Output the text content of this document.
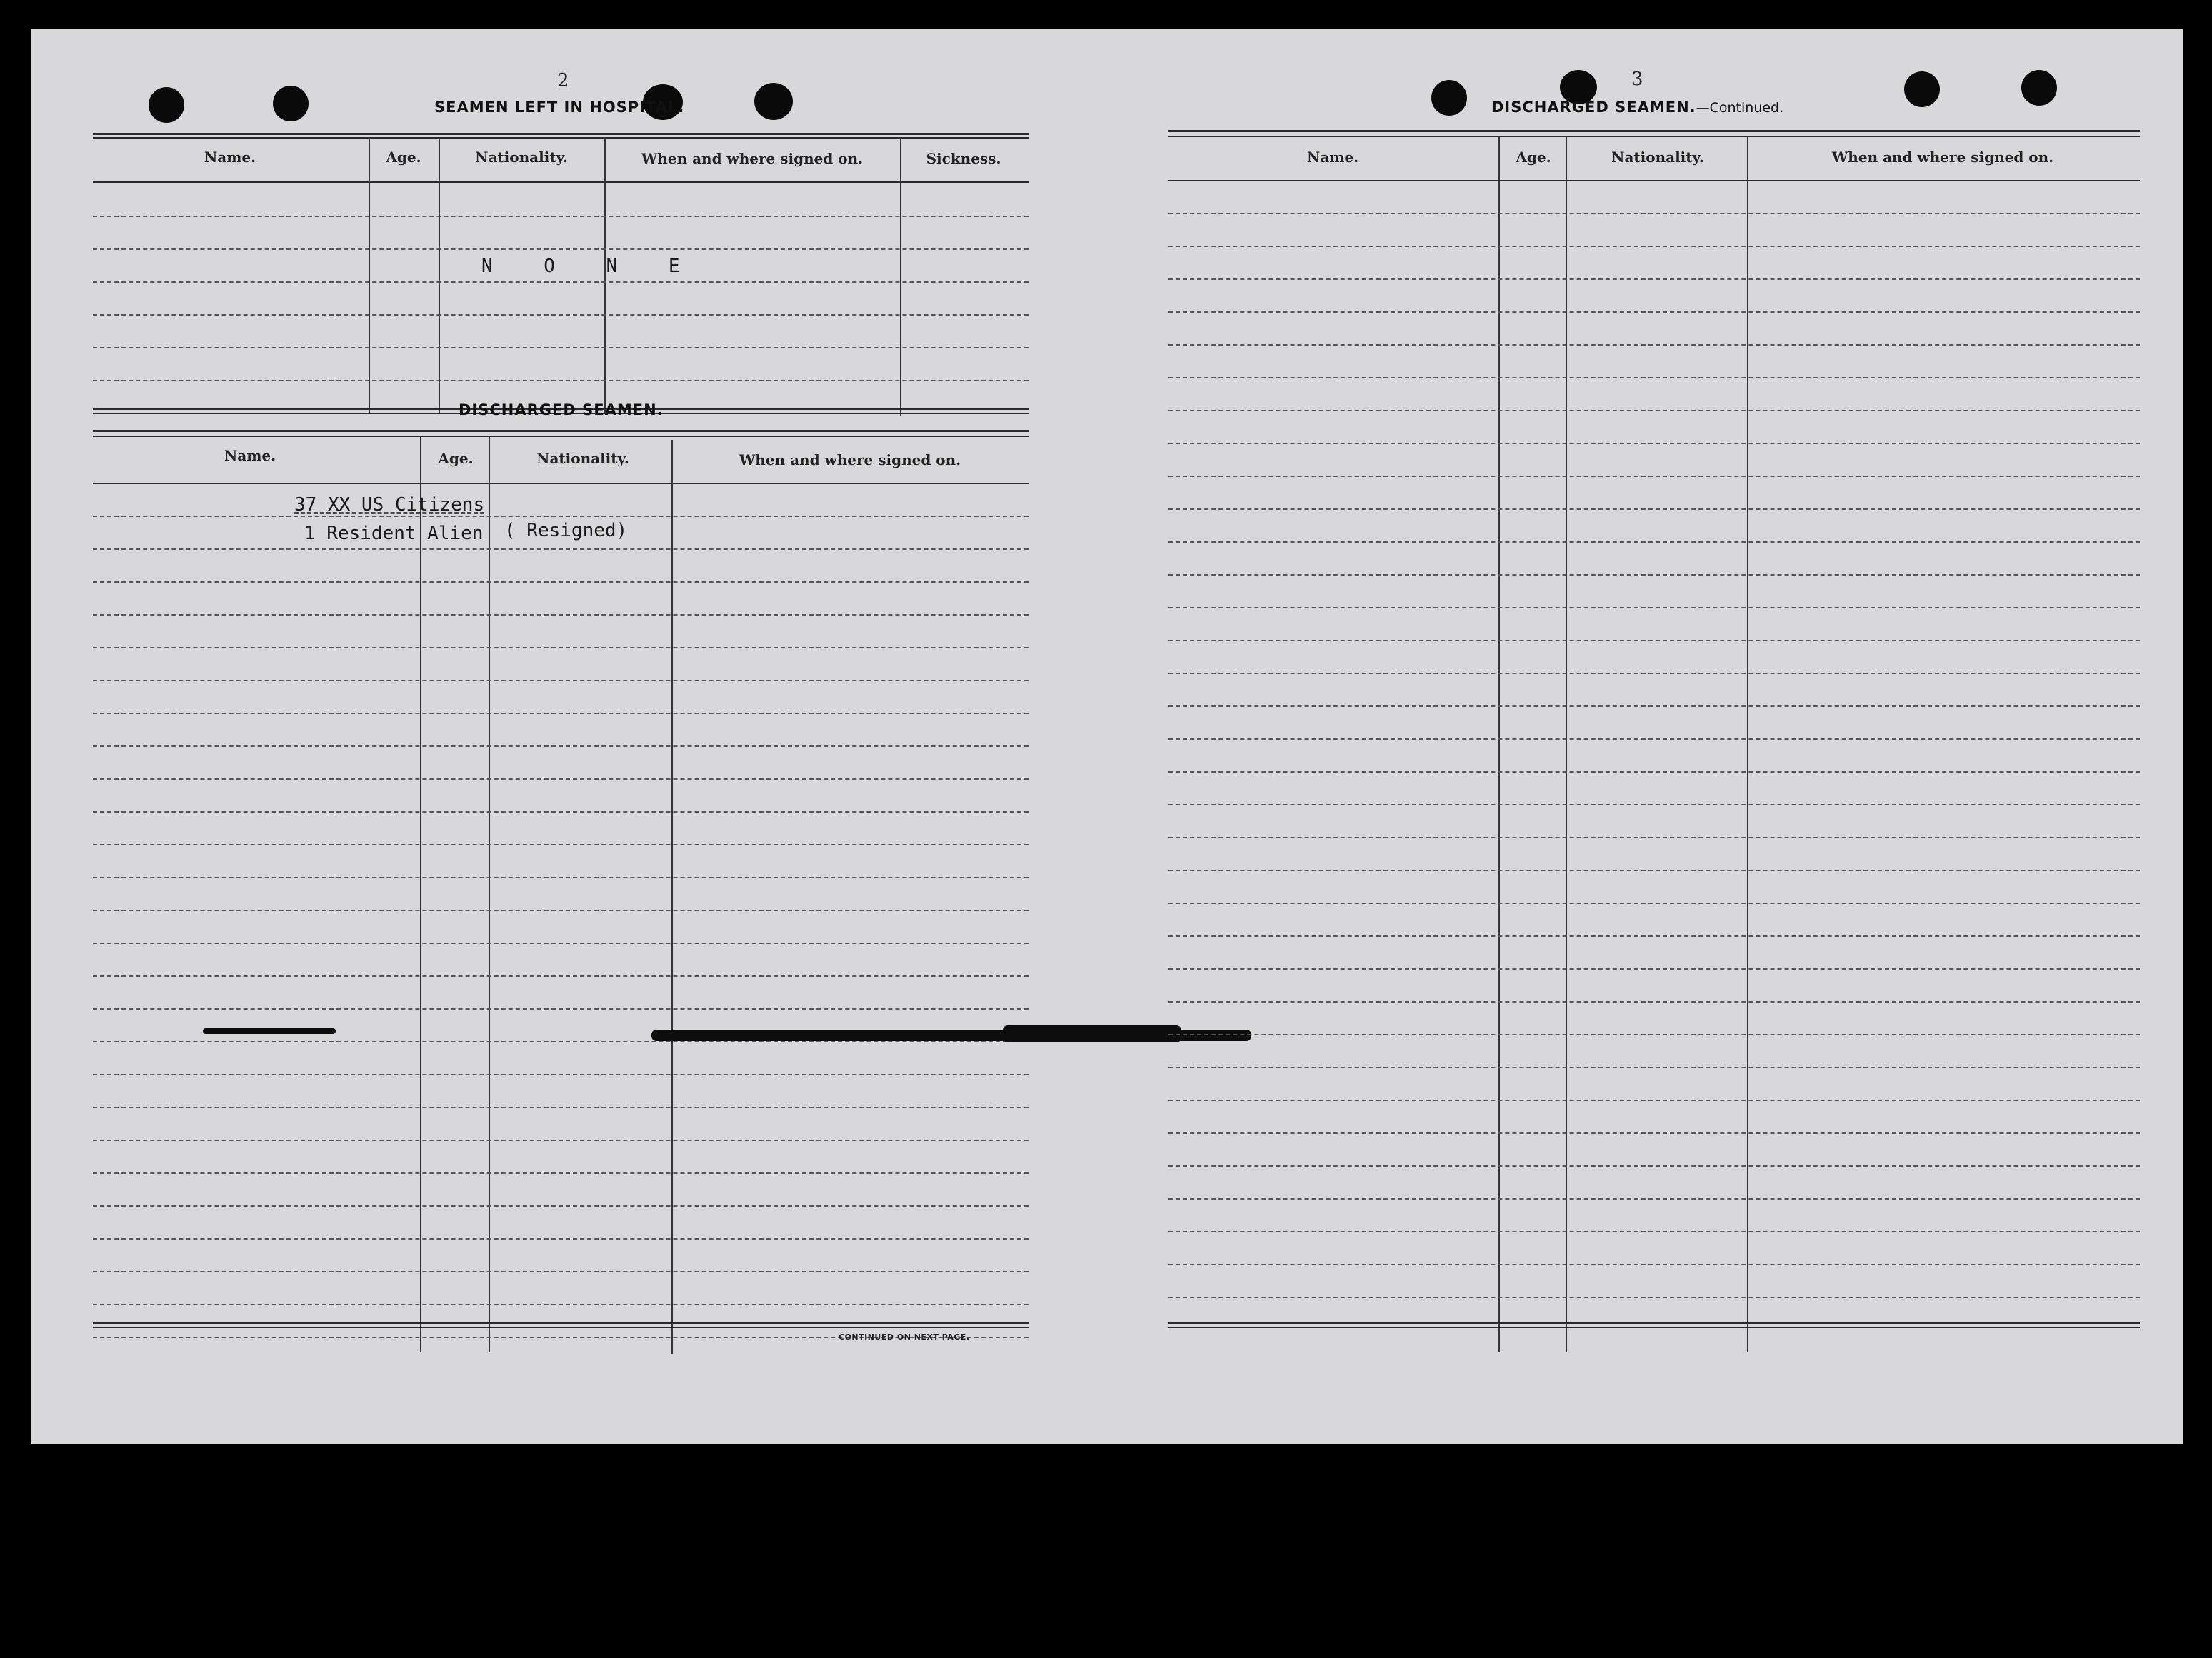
2
SEAMEN LEFT IN HOSPITAL.
Name.	Age.	Nationality.	When and where signed on.	Sickness.
N O N E
DISCHARGED SEAMEN.
Name.	Age.	Nationality.	When and where signed on.
37 XX US Citizens
1 Resident Alien ( Resigned)
CONTINUED ON NEXT PAGE.
3
DISCHARGED SEAMEN.—Continued.
Name.	Age.	Nationality.	When and where signed on.
